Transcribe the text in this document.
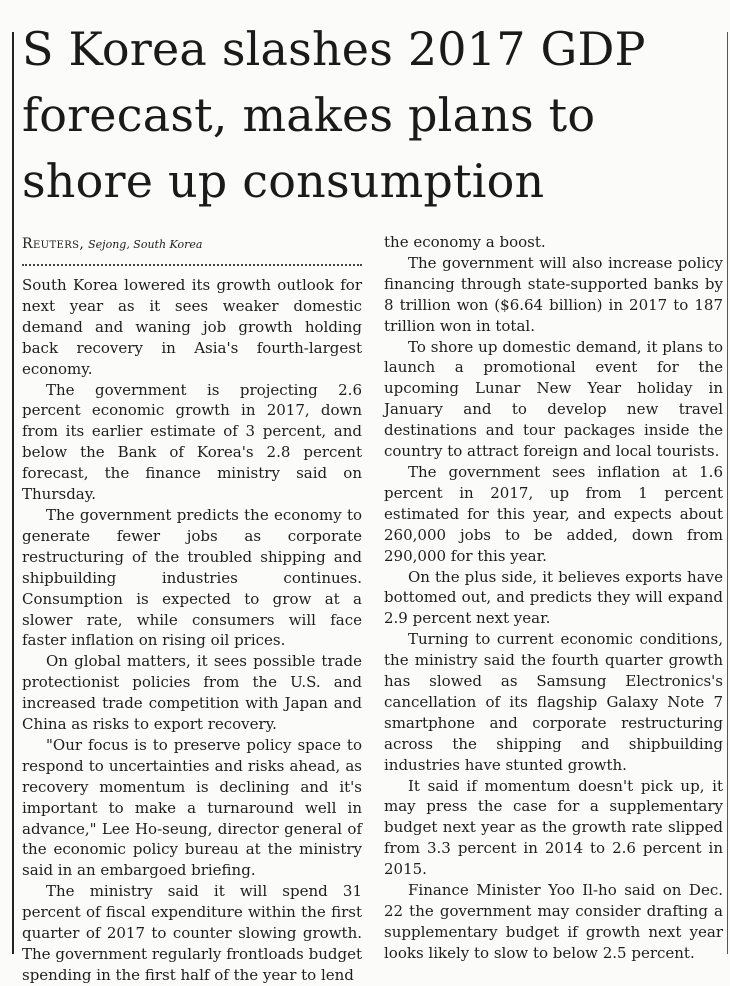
S Korea slashes 2017 GDP forecast, makes plans to shore up consumption
Reuters, Sejong, South Korea

South Korea lowered its growth outlook for next year as it sees weaker domestic demand and waning job growth holding back recovery in Asia's fourth-largest economy.

The government is projecting 2.6 percent economic growth in 2017, down from its earlier estimate of 3 percent, and below the Bank of Korea's 2.8 percent forecast, the finance ministry said on Thursday.

The government predicts the economy to generate fewer jobs as corporate restructuring of the troubled shipping and shipbuilding industries continues. Consumption is expected to grow at a slower rate, while consumers will face faster inflation on rising oil prices.

On global matters, it sees possible trade protectionist policies from the U.S. and increased trade competition with Japan and China as risks to export recovery.

"Our focus is to preserve policy space to respond to uncertainties and risks ahead, as recovery momentum is declining and it's important to make a turnaround well in advance," Lee Ho-seung, director general of the economic policy bureau at the ministry said in an embargoed briefing.

The ministry said it will spend 31 percent of fiscal expenditure within the first quarter of 2017 to counter slowing growth. The government regularly frontloads budget spending in the first half of the year to lend

the economy a boost.

The government will also increase policy financing through state-supported banks by 8 trillion won ($6.64 billion) in 2017 to 187 trillion won in total.

To shore up domestic demand, it plans to launch a promotional event for the upcoming Lunar New Year holiday in January and to develop new travel destinations and tour packages inside the country to attract foreign and local tourists.

The government sees inflation at 1.6 percent in 2017, up from 1 percent estimated for this year, and expects about 260,000 jobs to be added, down from 290,000 for this year.

On the plus side, it believes exports have bottomed out, and predicts they will expand 2.9 percent next year.

Turning to current economic conditions, the ministry said the fourth quarter growth has slowed as Samsung Electronics's cancellation of its flagship Galaxy Note 7 smartphone and corporate restructuring across the shipping and shipbuilding industries have stunted growth.

It said if momentum doesn't pick up, it may press the case for a supplementary budget next year as the growth rate slipped from 3.3 percent in 2014 to 2.6 percent in 2015.

Finance Minister Yoo Il-ho said on Dec. 22 the government may consider drafting a supplementary budget if growth next year looks likely to slow to below 2.5 percent.
